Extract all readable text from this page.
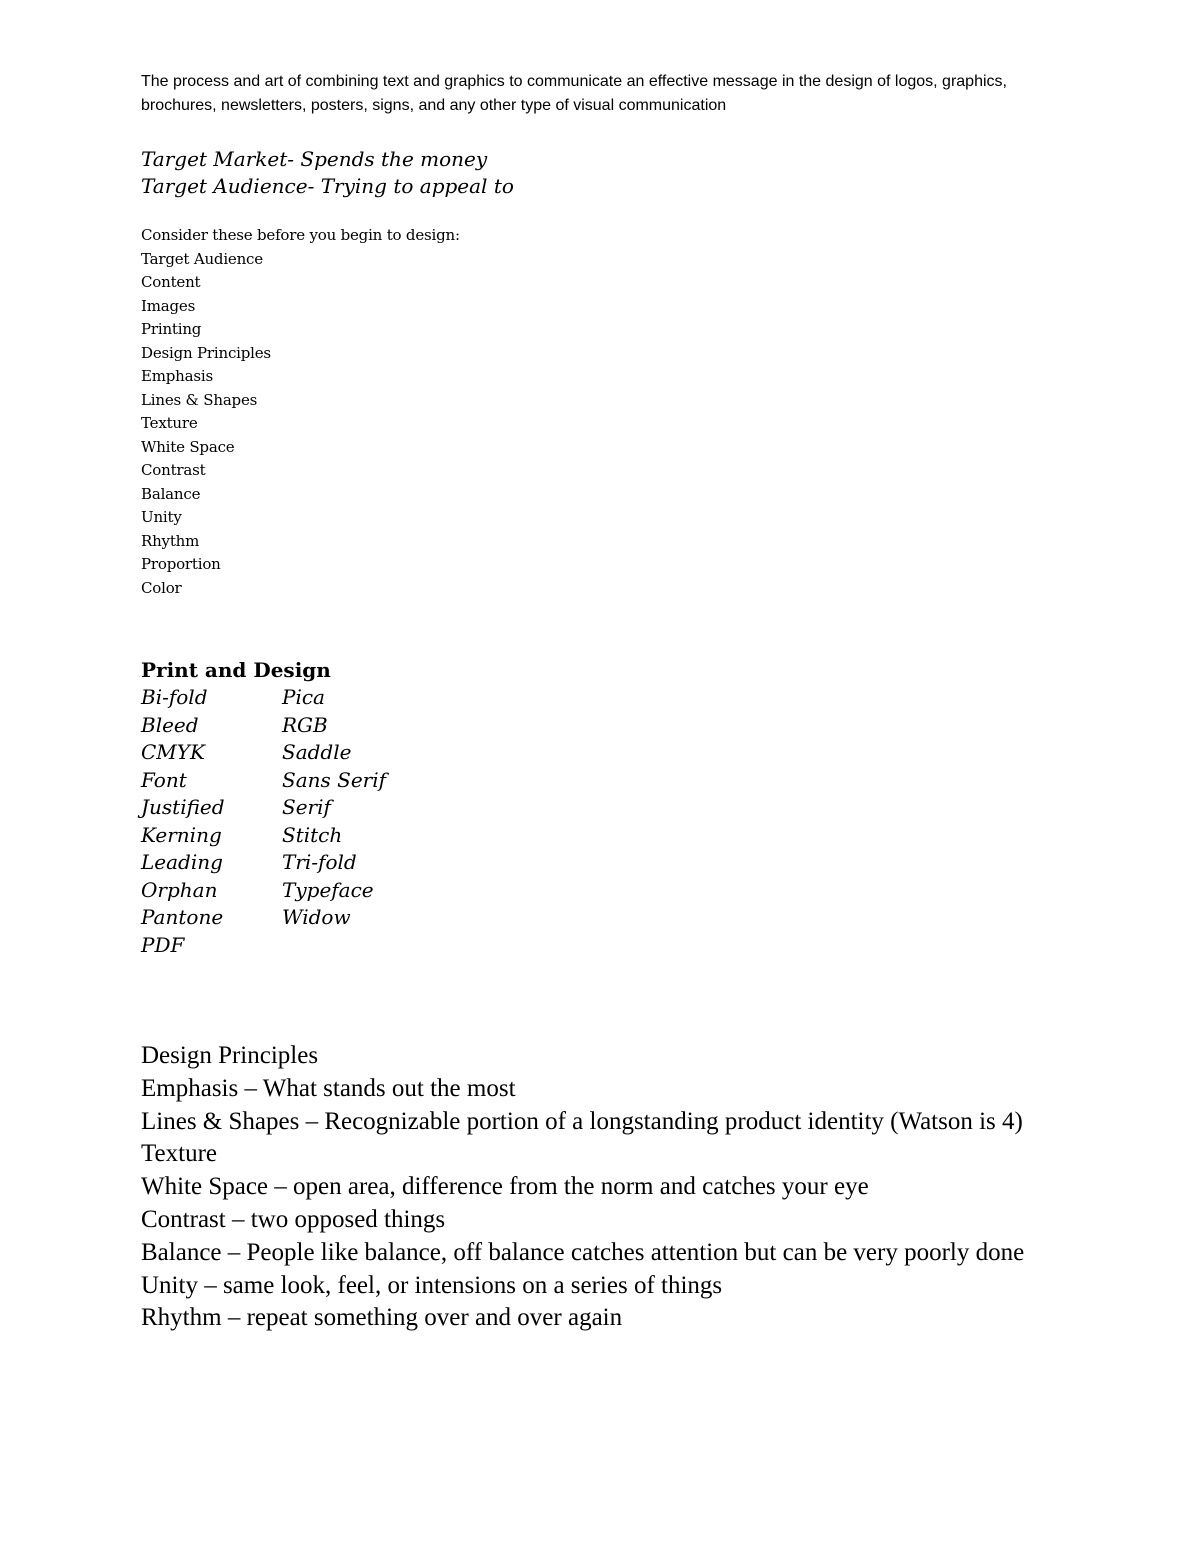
The process and art of combining text and graphics to communicate an effective message in the design of logos, graphics, brochures, newsletters, posters, signs, and any other type of visual communication
Target Market- Spends the money
Target Audience- Trying to appeal to
Consider these before you begin to design:
Target Audience
Content
Images
Printing
Design Principles
Emphasis
Lines & Shapes
Texture
White Space
Contrast
Balance
Unity
Rhythm
Proportion
Color
Print and Design
Bi-fold
Bleed
CMYK
Font
Justified
Kerning
Leading
Orphan
Pantone
PDF
Pica
RGB
Saddle
Sans Serif
Serif
Stitch
Tri-fold
Typeface
Widow
Design Principles
Emphasis – What stands out the most
Lines & Shapes – Recognizable portion of a longstanding product identity (Watson is 4)
Texture
White Space – open area, difference from the norm and catches your eye
Contrast – two opposed things
Balance – People like balance, off balance catches attention but can be very poorly done
Unity – same look, feel, or intensions on a series of things
Rhythm – repeat something over and over again
